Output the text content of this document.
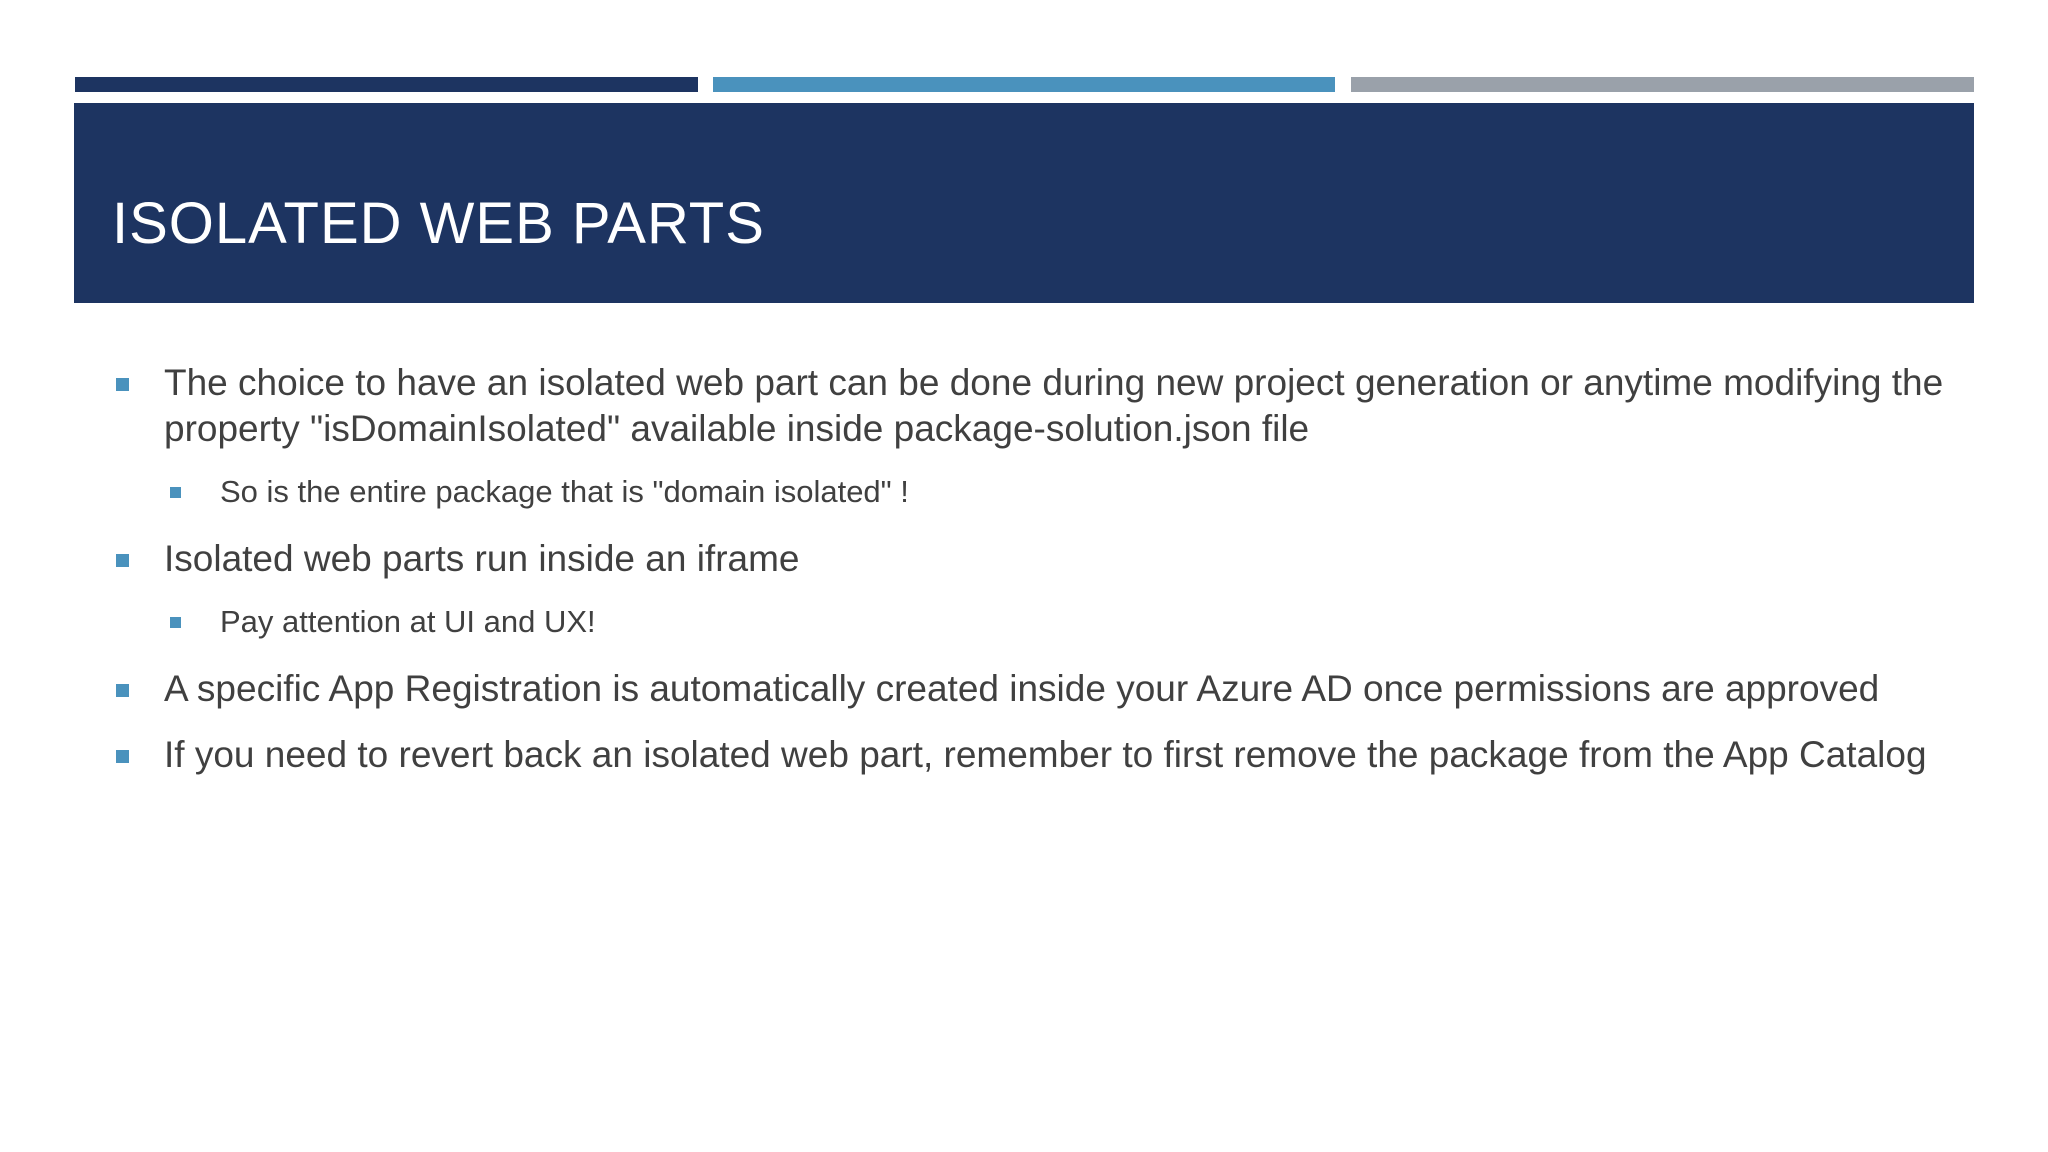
ISOLATED WEB PARTS
The choice to have an isolated web part can be done during new project generation or anytime modifying the property "isDomainIsolated" available inside package-solution.json file
So is the entire package that is "domain isolated" !
Isolated web parts run inside an iframe
Pay attention at UI and UX!
A specific App Registration is automatically created inside your Azure AD once permissions are approved
If you need to revert back an isolated web part, remember to first remove the package from the App Catalog
